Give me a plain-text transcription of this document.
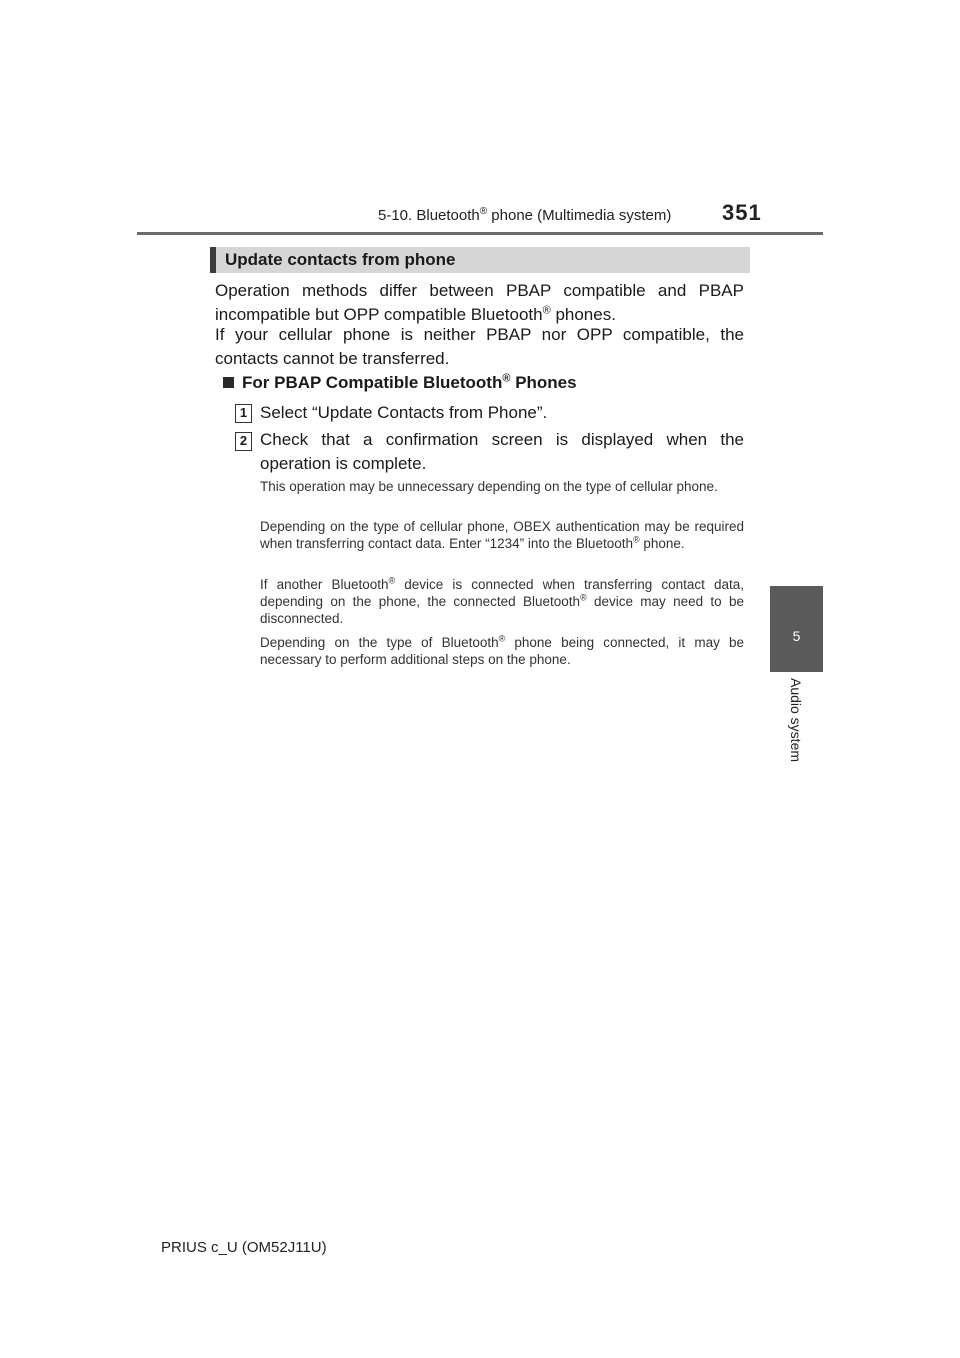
5-10. Bluetooth® phone (Multimedia system) 351
5
Audio system
Update contacts from phone
Operation methods differ between PBAP compatible and PBAP incompatible but OPP compatible Bluetooth® phones.
If your cellular phone is neither PBAP nor OPP compatible, the contacts cannot be transferred.
For PBAP Compatible Bluetooth® Phones
1 Select “Update Contacts from Phone”.
2 Check that a confirmation screen is displayed when the operation is complete.
This operation may be unnecessary depending on the type of cellular phone.
Depending on the type of cellular phone, OBEX authentication may be required when transferring contact data. Enter “1234” into the Bluetooth® phone.
If another Bluetooth® device is connected when transferring contact data, depending on the phone, the connected Bluetooth® device may need to be disconnected.
Depending on the type of Bluetooth® phone being connected, it may be necessary to perform additional steps on the phone.
PRIUS c_U (OM52J11U)
